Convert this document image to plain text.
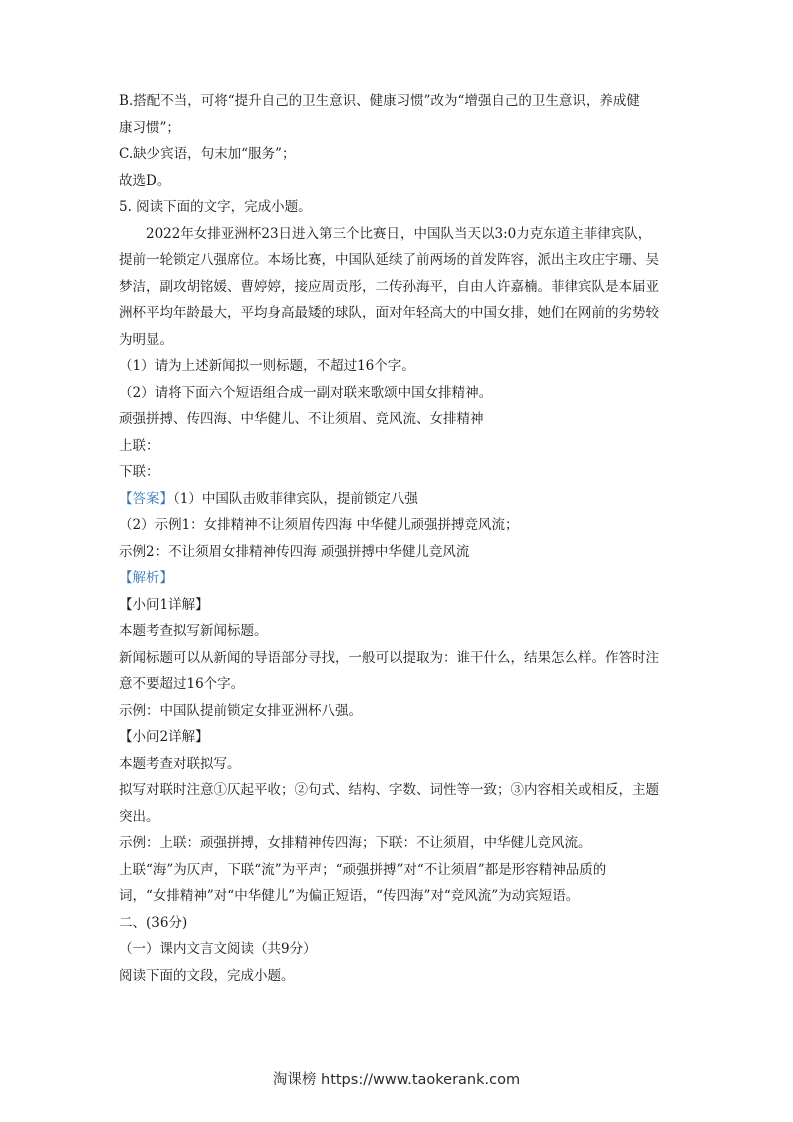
B.搭配不当，可将“提升自己的卫生意识、健康习惯”改为“增强自己的卫生意识，养成健
康习惯”；
C.缺少宾语，句末加“服务”；
故选D。
5. 阅读下面的文字，完成小题。
2022年女排亚洲杯23日进入第三个比赛日，中国队当天以3:0力克东道主菲律宾队，
提前一轮锁定八强席位。本场比赛，中国队延续了前两场的首发阵容，派出主攻庄宇珊、吴
梦洁，副攻胡铭媛、曹婷婷，接应周贡彤，二传孙海平，自由人许嘉楠。菲律宾队是本届亚
洲杯平均年龄最大，平均身高最矮的球队，面对年轻高大的中国女排，她们在网前的劣势较
为明显。
（1）请为上述新闻拟一则标题，不超过16个字。
（2）请将下面六个短语组合成一副对联来歌颂中国女排精神。
顽强拼搏、传四海、中华健儿、不让须眉、竞风流、女排精神
上联：
下联：
【答案】（1）中国队击败菲律宾队，提前锁定八强
（2）示例1：女排精神不让须眉传四海 中华健儿顽强拼搏竞风流；
示例2：不让须眉女排精神传四海 顽强拼搏中华健儿竞风流
【解析】
【小问1详解】
本题考查拟写新闻标题。
新闻标题可以从新闻的导语部分寻找，一般可以提取为：谁干什么，结果怎么样。作答时注
意不要超过16个字。
示例：中国队提前锁定女排亚洲杯八强。
【小问2详解】
本题考查对联拟写。
拟写对联时注意①仄起平收；②句式、结构、字数、词性等一致；③内容相关或相反，主题
突出。
示例：上联：顽强拼搏，女排精神传四海；下联：不让须眉，中华健儿竞风流。
上联“海”为仄声，下联“流”为平声；“顽强拼搏”对“不让须眉”都是形容精神品质的
词，“女排精神”对“中华健儿”为偏正短语，“传四海”对“竞风流”为动宾短语。
二、(36分)
（一）课内文言文阅读（共9分）
阅读下面的文段，完成小题。
淘课榜 https://www.taokerank.com
